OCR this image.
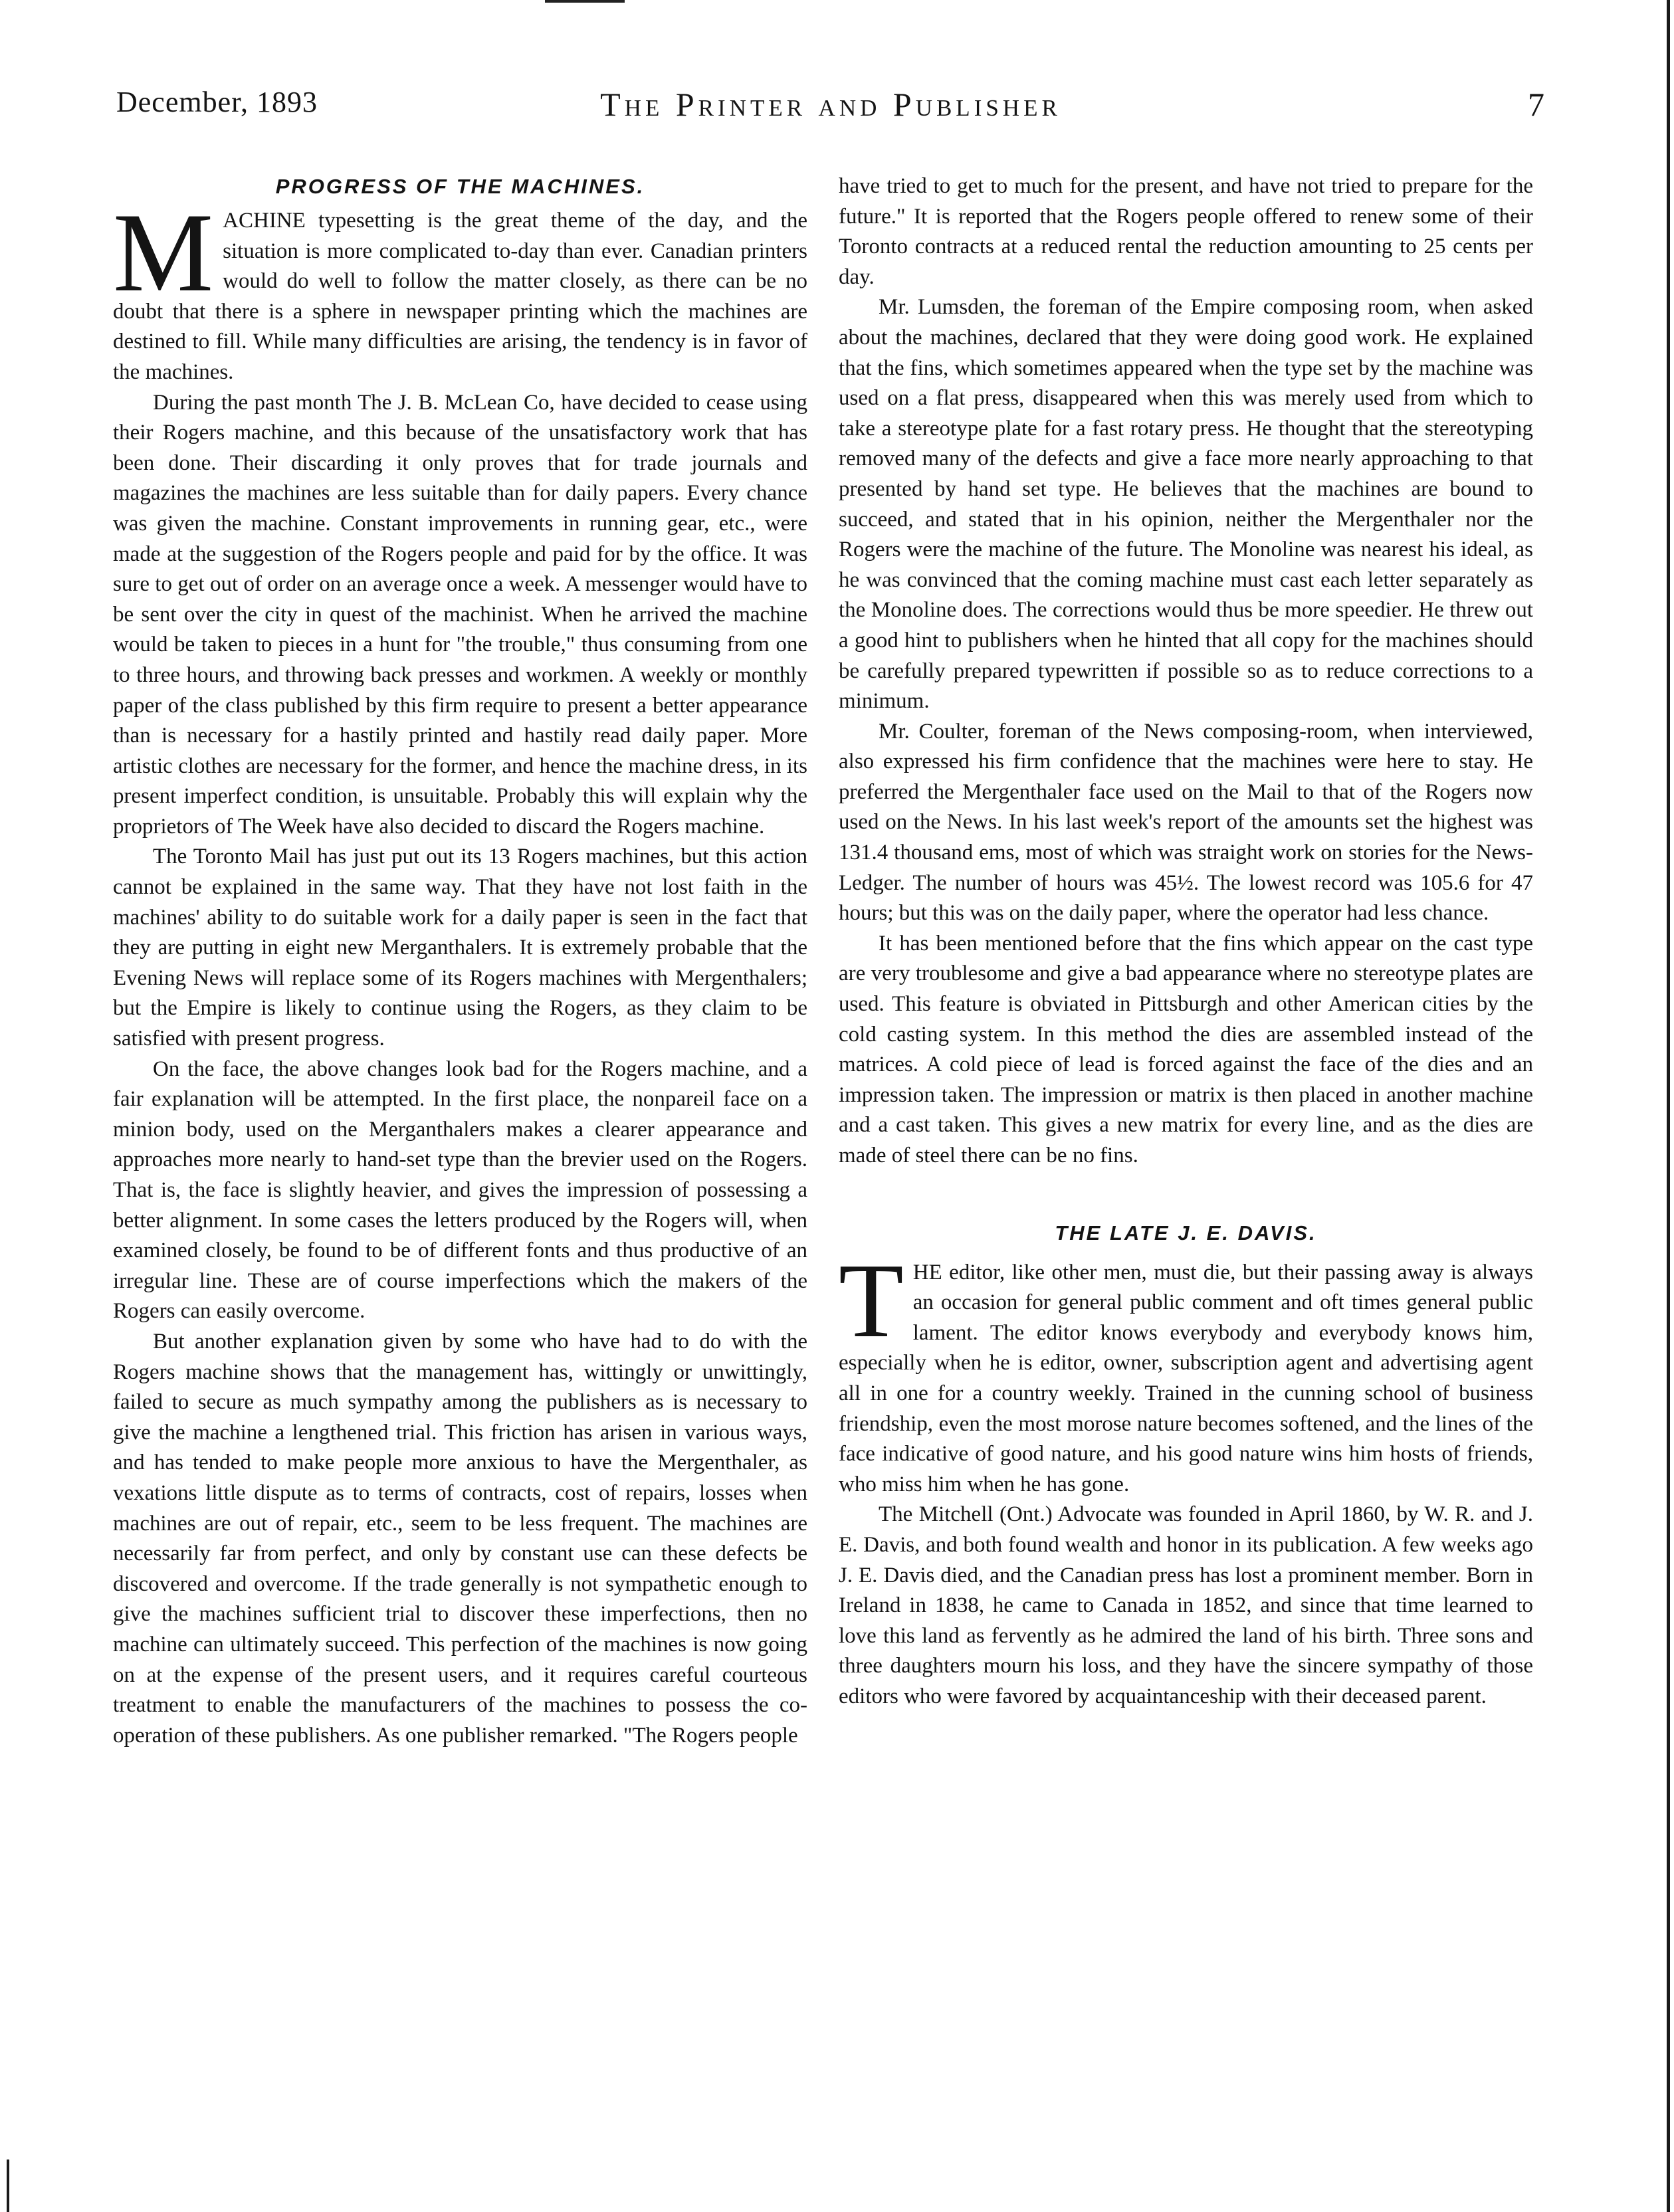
December, 1893	The Printer and Publisher	7
PROGRESS OF THE MACHINES.

MACHINE typesetting is the great theme of the day, and the situation is more complicated to-day than ever. Canadian printers would do well to follow the matter closely, as there can be no doubt that there is a sphere in newspaper printing which the machines are destined to fill. While many difficulties are arising, the tendency is in favor of the machines.

During the past month The J. B. McLean Co, have decided to cease using their Rogers machine, and this because of the unsatisfactory work that has been done. Their discarding it only proves that for trade journals and magazines the machines are less suitable than for daily papers. Every chance was given the machine. Constant improvements in running gear, etc., were made at the suggestion of the Rogers people and paid for by the office. It was sure to get out of order on an average once a week. A messenger would have to be sent over the city in quest of the machinist. When he arrived the machine would be taken to pieces in a hunt for "the trouble," thus consuming from one to three hours, and throwing back presses and workmen. A weekly or monthly paper of the class published by this firm require to present a better appearance than is necessary for a hastily printed and hastily read daily paper. More artistic clothes are necessary for the former, and hence the machine dress, in its present imperfect condition, is unsuitable. Probably this will explain why the proprietors of The Week have also decided to discard the Rogers machine.

The Toronto Mail has just put out its 13 Rogers machines, but this action cannot be explained in the same way. That they have not lost faith in the machines' ability to do suitable work for a daily paper is seen in the fact that they are putting in eight new Merganthalers. It is extremely probable that the Evening News will replace some of its Rogers machines with Mergenthalers; but the Empire is likely to continue using the Rogers, as they claim to be satisfied with present progress.

On the face, the above changes look bad for the Rogers machine, and a fair explanation will be attempted. In the first place, the nonpareil face on a minion body, used on the Merganthalers makes a clearer appearance and approaches more nearly to hand-set type than the brevier used on the Rogers. That is, the face is slightly heavier, and gives the impression of possessing a better alignment. In some cases the letters produced by the Rogers will, when examined closely, be found to be of different fonts and thus productive of an irregular line. These are of course imperfections which the makers of the Rogers can easily overcome.

But another explanation given by some who have had to do with the Rogers machine shows that the management has, wittingly or unwittingly, failed to secure as much sympathy among the publishers as is necessary to give the machine a lengthened trial. This friction has arisen in various ways, and has tended to make people more anxious to have the Mergenthaler, as vexations little dispute as to terms of contracts, cost of repairs, losses when machines are out of repair, etc., seem to be less frequent. The machines are necessarily far from perfect, and only by constant use can these defects be discovered and overcome. If the trade generally is not sympathetic enough to give the machines sufficient trial to discover these imperfections, then no machine can ultimately succeed. This perfection of the machines is now going on at the expense of the present users, and it requires careful courteous treatment to enable the manufacturers of the machines to possess the co-operation of these publishers. As one publisher remarked. "The Rogers people

have tried to get to much for the present, and have not tried to prepare for the future." It is reported that the Rogers people offered to renew some of their Toronto contracts at a reduced rental the reduction amounting to 25 cents per day.

Mr. Lumsden, the foreman of the Empire composing room, when asked about the machines, declared that they were doing good work. He explained that the fins, which sometimes appeared when the type set by the machine was used on a flat press, disappeared when this was merely used from which to take a stereotype plate for a fast rotary press. He thought that the stereotyping removed many of the defects and give a face more nearly approaching to that presented by hand set type. He believes that the machines are bound to succeed, and stated that in his opinion, neither the Mergenthaler nor the Rogers were the machine of the future. The Monoline was nearest his ideal, as he was convinced that the coming machine must cast each letter separately as the Monoline does. The corrections would thus be more speedier. He threw out a good hint to publishers when he hinted that all copy for the machines should be carefully prepared typewritten if possible so as to reduce corrections to a minimum.

Mr. Coulter, foreman of the News composing-room, when interviewed, also expressed his firm confidence that the machines were here to stay. He preferred the Mergenthaler face used on the Mail to that of the Rogers now used on the News. In his last week's report of the amounts set the highest was 131.4 thousand ems, most of which was straight work on stories for the News-Ledger. The number of hours was 45½. The lowest record was 105.6 for 47 hours; but this was on the daily paper, where the operator had less chance.

It has been mentioned before that the fins which appear on the cast type are very troublesome and give a bad appearance where no stereotype plates are used. This feature is obviated in Pittsburgh and other American cities by the cold casting system. In this method the dies are assembled instead of the matrices. A cold piece of lead is forced against the face of the dies and an impression taken. The impression or matrix is then placed in another machine and a cast taken. This gives a new matrix for every line, and as the dies are made of steel there can be no fins.

THE LATE J. E. DAVIS.

THE editor, like other men, must die, but their passing away is always an occasion for general public comment and oft times general public lament. The editor knows everybody and everybody knows him, especially when he is editor, owner, subscription agent and advertising agent all in one for a country weekly. Trained in the cunning school of business friendship, even the most morose nature becomes softened, and the lines of the face indicative of good nature, and his good nature wins him hosts of friends, who miss him when he has gone.

The Mitchell (Ont.) Advocate was founded in April 1860, by W. R. and J. E. Davis, and both found wealth and honor in its publication. A few weeks ago J. E. Davis died, and the Canadian press has lost a prominent member. Born in Ireland in 1838, he came to Canada in 1852, and since that time learned to love this land as fervently as he admired the land of his birth. Three sons and three daughters mourn his loss, and they have the sincere sympathy of those editors who were favored by acquaintanceship with their deceased parent.
